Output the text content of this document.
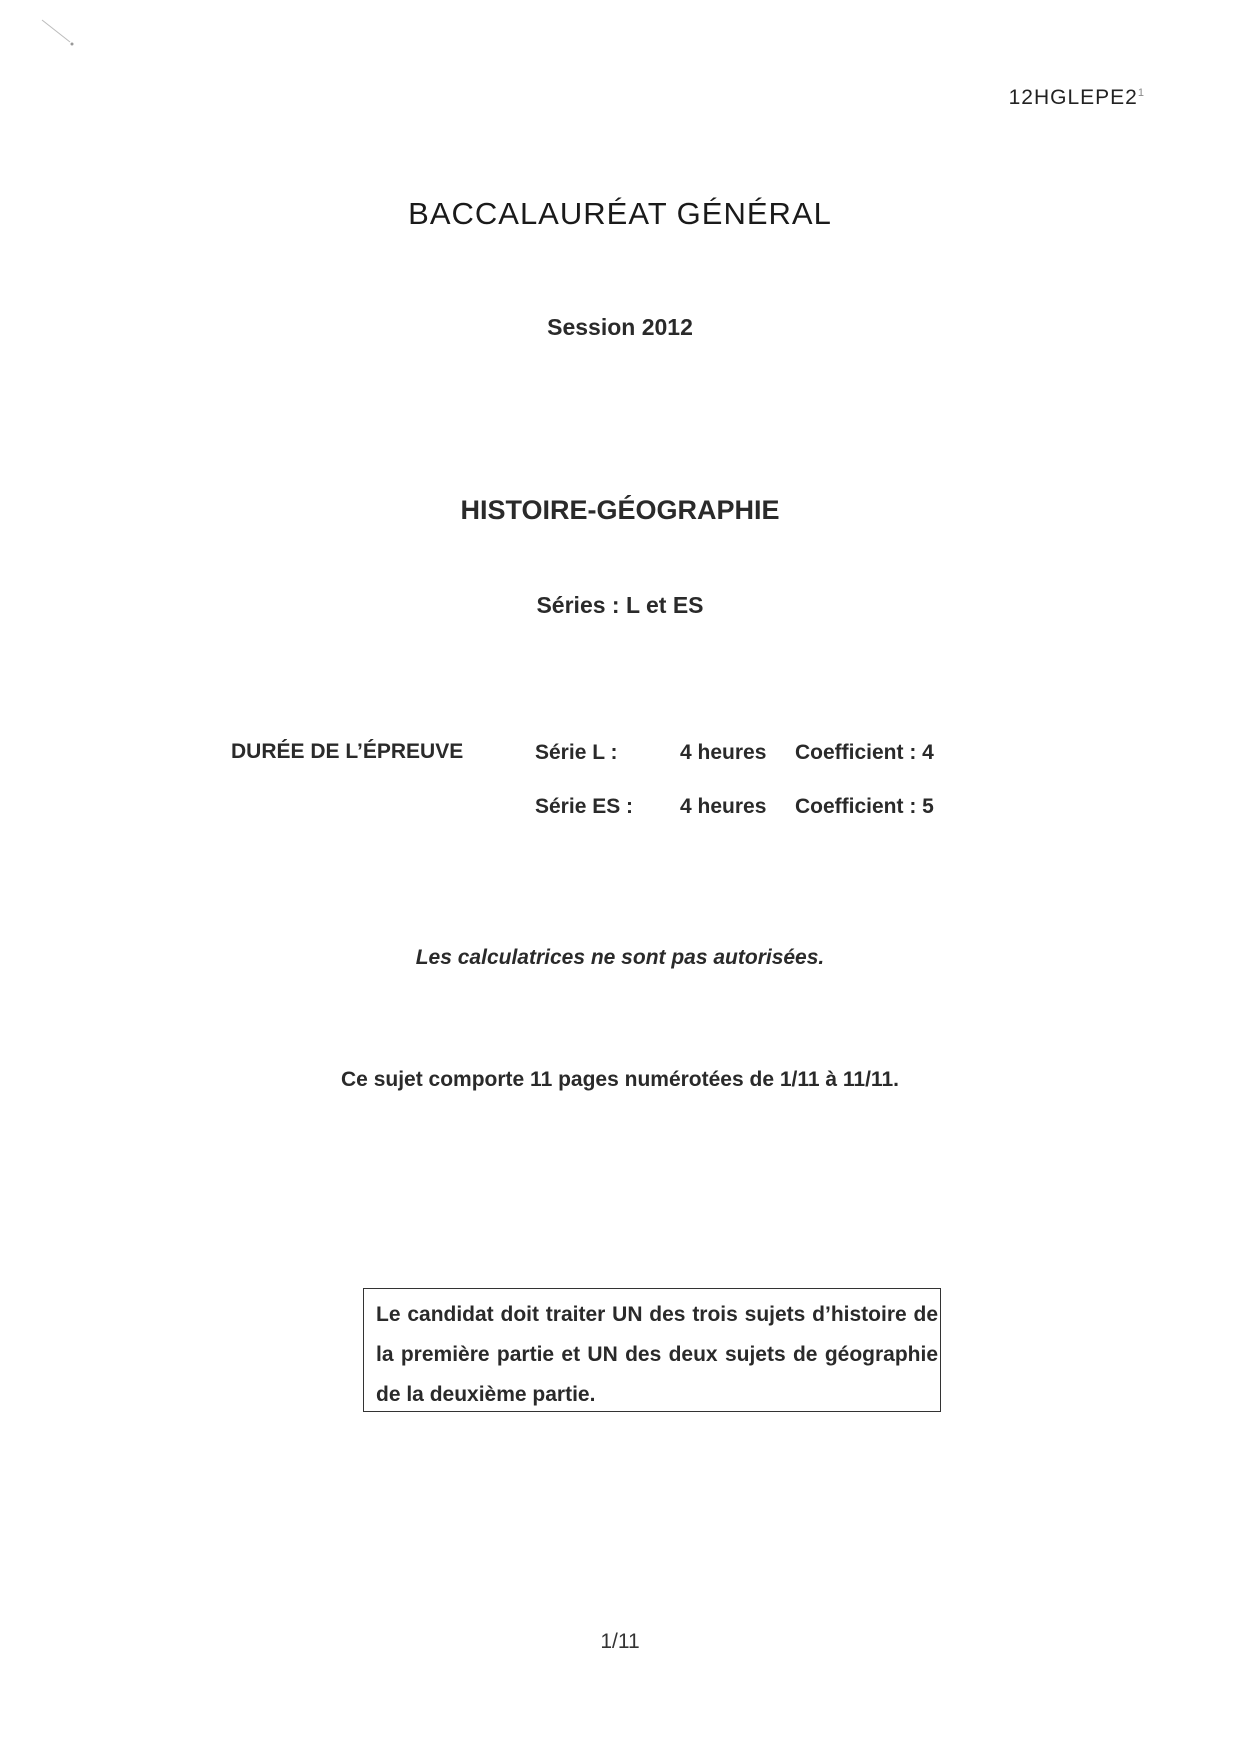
$12HGLEPE2^1$
BACCALAURÉAT GÉNÉRAL
Session 2012
HISTOIRE-GÉOGRAPHIE
Séries : L et ES
DURÉE DE L’ÉPREUVE	Série L :	4 heures Coefficient : 4
Série ES : 4 heures Coefficient : 5
Les calculatrices ne sont pas autorisées.
Ce sujet comporte 11 pages numérotées de 1/11 à 11/11.
Le candidat doit traiter UN des trois sujets d’histoire de la première partie et UN des deux sujets de géographie de la deuxième partie.
1/11
